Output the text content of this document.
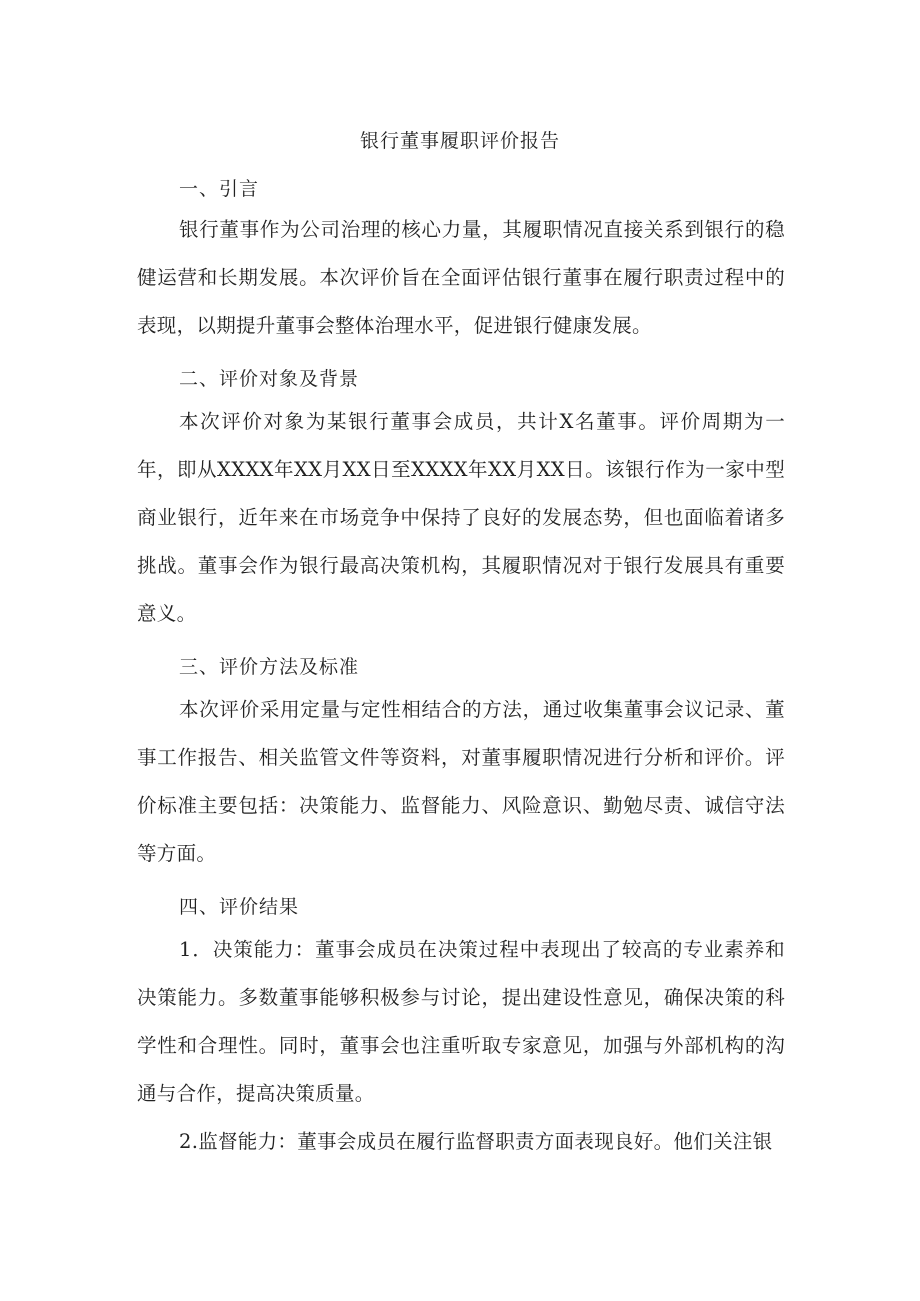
银行董事履职评价报告
一、引言
银行董事作为公司治理的核心力量，其履职情况直接关系到银行的稳健运营和长期发展。本次评价旨在全面评估银行董事在履行职责过程中的表现，以期提升董事会整体治理水平，促进银行健康发展。
二、评价对象及背景
本次评价对象为某银行董事会成员，共计X名董事。评价周期为一年，即从XXXX年XX月XX日至XXXX年XX月XX日。该银行作为一家中型商业银行，近年来在市场竞争中保持了良好的发展态势，但也面临着诸多挑战。董事会作为银行最高决策机构，其履职情况对于银行发展具有重要意义。
三、评价方法及标准
本次评价采用定量与定性相结合的方法，通过收集董事会议记录、董事工作报告、相关监管文件等资料，对董事履职情况进行分析和评价。评价标准主要包括：决策能力、监督能力、风险意识、勤勉尽责、诚信守法等方面。
四、评价结果
1．决策能力：董事会成员在决策过程中表现出了较高的专业素养和决策能力。多数董事能够积极参与讨论，提出建设性意见，确保决策的科学性和合理性。同时，董事会也注重听取专家意见，加强与外部机构的沟通与合作，提高决策质量。
2.监督能力：董事会成员在履行监督职责方面表现良好。他们关注银
